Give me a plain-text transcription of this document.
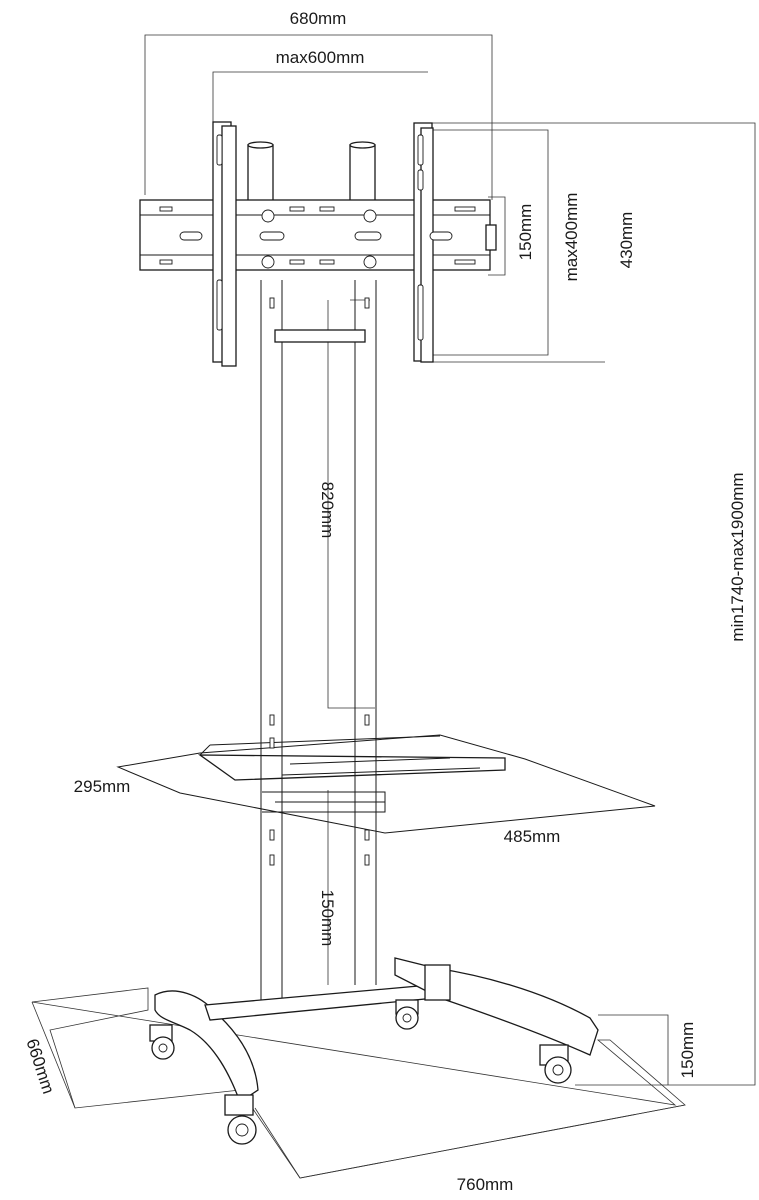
680mm
max600mm
150mm max400mm 430mm
min1740-max1900mm
820mm
295mm
485mm
150mm
660mm
760mm
150mm
